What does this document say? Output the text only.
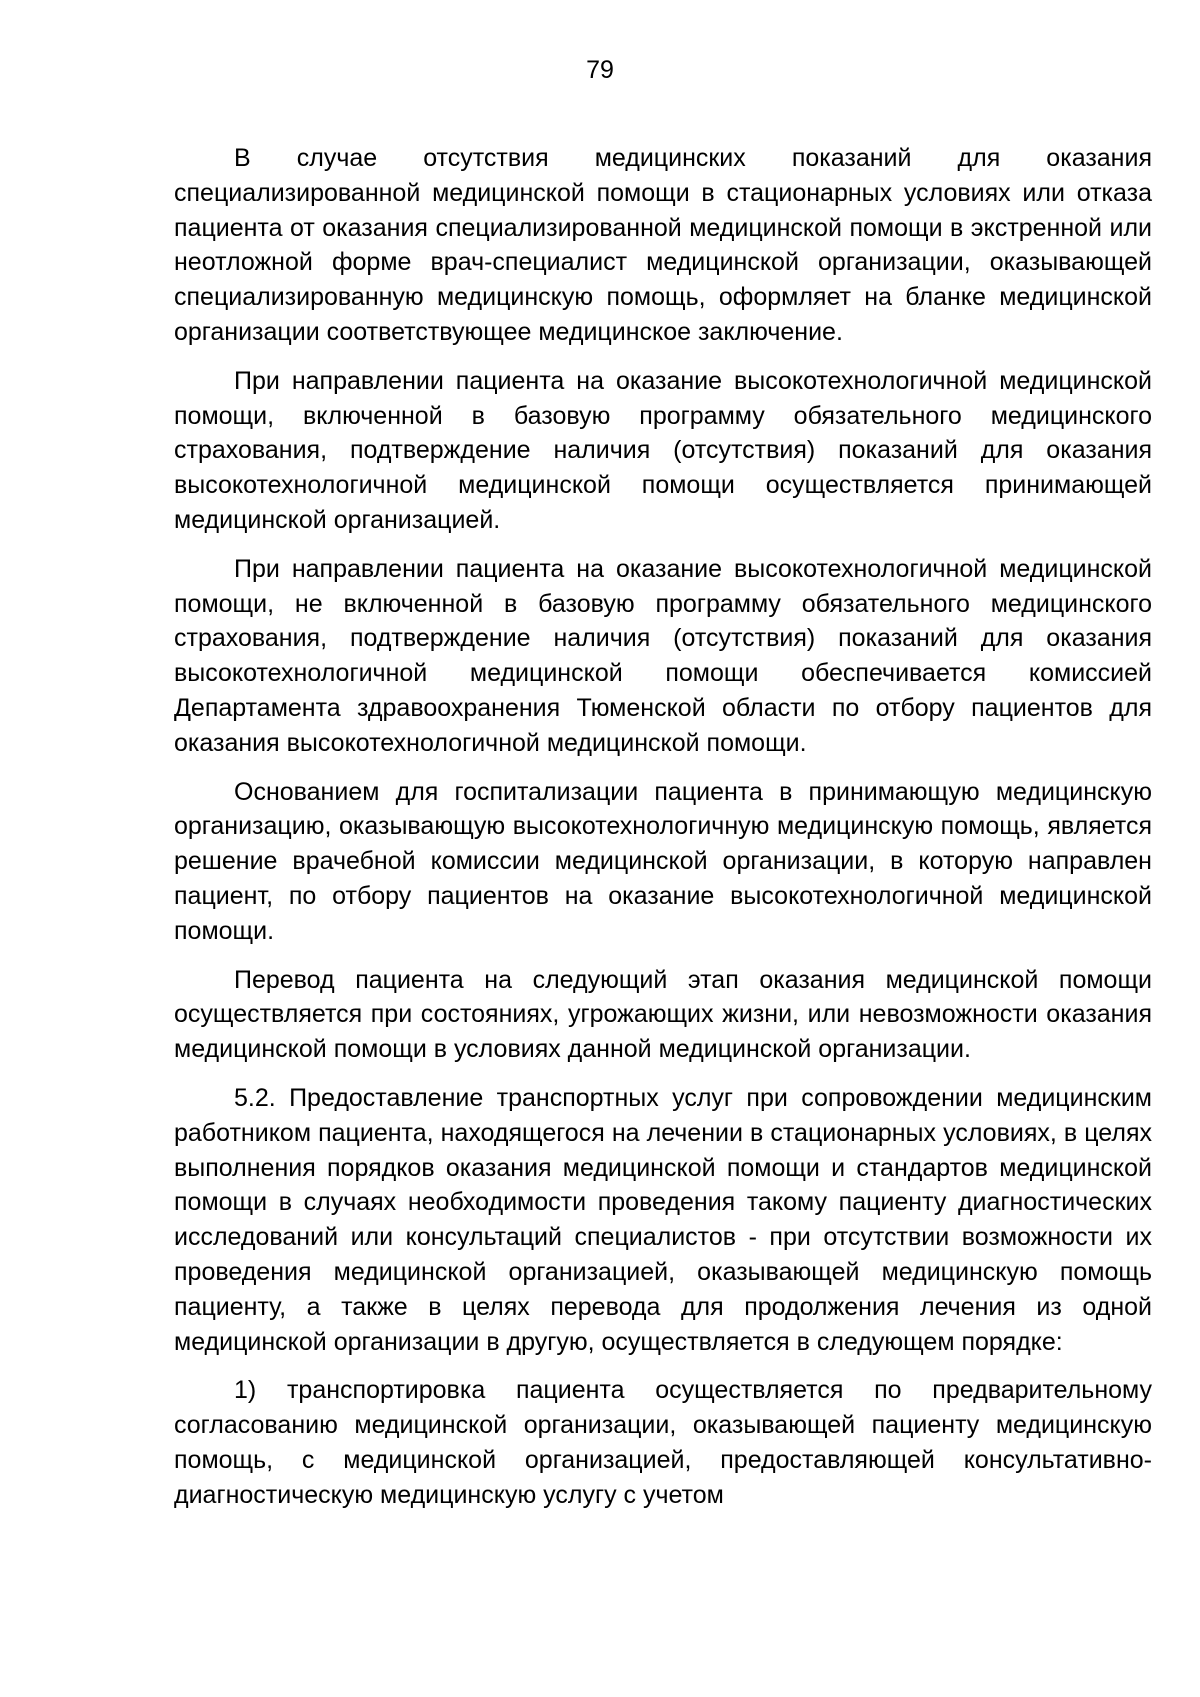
79

В случае отсутствия медицинских показаний для оказания специализированной медицинской помощи в стационарных условиях или отказа пациента от оказания специализированной медицинской помощи в экстренной или неотложной форме врач-специалист медицинской организации, оказывающей специализированную медицинскую помощь, оформляет на бланке медицинской организации соответствующее медицинское заключение.

При направлении пациента на оказание высокотехнологичной медицинской помощи, включенной в базовую программу обязательного медицинского страхования, подтверждение наличия (отсутствия) показаний для оказания высокотехнологичной медицинской помощи осуществляется принимающей медицинской организацией.

При направлении пациента на оказание высокотехнологичной медицинской помощи, не включенной в базовую программу обязательного медицинского страхования, подтверждение наличия (отсутствия) показаний для оказания высокотехнологичной медицинской помощи обеспечивается комиссией Департамента здравоохранения Тюменской области по отбору пациентов для оказания высокотехнологичной медицинской помощи.

Основанием для госпитализации пациента в принимающую медицинскую организацию, оказывающую высокотехнологичную медицинскую помощь, является решение врачебной комиссии медицинской организации, в которую направлен пациент, по отбору пациентов на оказание высокотехнологичной медицинской помощи.

Перевод пациента на следующий этап оказания медицинской помощи осуществляется при состояниях, угрожающих жизни, или невозможности оказания медицинской помощи в условиях данной медицинской организации.

5.2. Предоставление транспортных услуг при сопровождении медицинским работником пациента, находящегося на лечении в стационарных условиях, в целях выполнения порядков оказания медицинской помощи и стандартов медицинской помощи в случаях необходимости проведения такому пациенту диагностических исследований или консультаций специалистов - при отсутствии возможности их проведения медицинской организацией, оказывающей медицинскую помощь пациенту, а также в целях перевода для продолжения лечения из одной медицинской организации в другую, осуществляется в следующем порядке:

1) транспортировка пациента осуществляется по предварительному согласованию медицинской организации, оказывающей пациенту медицинскую помощь, с медицинской организацией, предоставляющей консультативно-диагностическую медицинскую услугу с учетом
